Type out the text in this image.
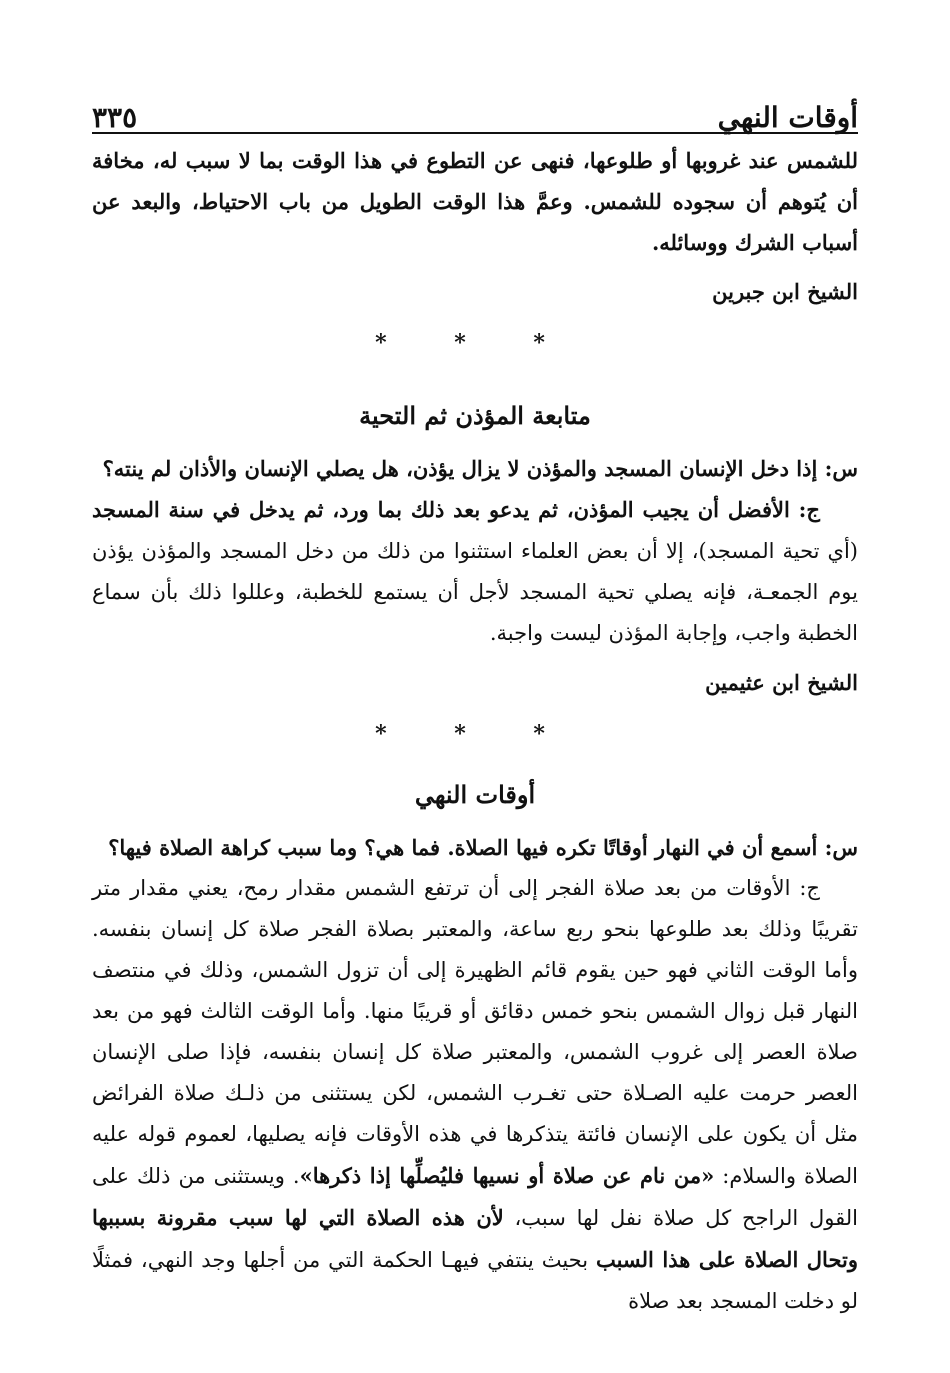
أوقات النهي
٣٣٥

للشمس عند غروبها أو طلوعها، فنهى عن التطوع في هذا الوقت بما لا سبب له، مخافة أن يُتوهم أن سجوده للشمس. وعمَّ هذا الوقت الطويل من باب الاحتياط، والبعد عن أسباب الشرك ووسائله.

الشيخ ابن جبرين
* * *
متابعة المؤذن ثم التحية

س: إذا دخل الإنسان المسجد والمؤذن لا يزال يؤذن، هل يصلي الإنسان والأذان لم ينته؟

ج: الأفضل أن يجيب المؤذن، ثم يدعو بعد ذلك بما ورد، ثم يدخل في سنة المسجد (أي تحية المسجد)، إلا أن بعض العلماء استثنوا من ذلك من دخل المسجد والمؤذن يؤذن يوم الجمعـة، فإنه يصلي تحية المسجد لأجل أن يستمع للخطبة، وعللوا ذلك بأن سماع الخطبة واجب، وإجابة المؤذن ليست واجبة.

الشيخ ابن عثيمين
* * *
أوقات النهي

س: أسمع أن في النهار أوقاتًا تكره فيها الصلاة. فما هي؟ وما سبب كراهة الصلاة فيها؟

ج: الأوقات من بعد صلاة الفجر إلى أن ترتفع الشمس مقدار رمح، يعني مقدار متر تقريبًا وذلك بعد طلوعها بنحو ربع ساعة، والمعتبر بصلاة الفجر صلاة كل إنسان بنفسه. وأما الوقت الثاني فهو حين يقوم قائم الظهيرة إلى أن تزول الشمس، وذلك في منتصف النهار قبل زوال الشمس بنحو خمس دقائق أو قريبًا منها. وأما الوقت الثالث فهو من بعد صلاة العصر إلى غروب الشمس، والمعتبر صلاة كل إنسان بنفسه، فإذا صلى الإنسان العصر حرمت عليه الصـلاة حتى تغـرب الشمس، لكن يستثنى من ذلـك صلاة الفرائض مثل أن يكون على الإنسان فائتة يتذكرها في هذه الأوقات فإنه يصليها، لعموم قوله عليه الصلاة والسلام: «من نام عن صلاة أو نسيها فليُصلِّها إذا ذكرها». ويستثنى من ذلك على القول الراجح كل صلاة نفل لها سبب، لأن هذه الصلاة التي لها سبب مقرونة بسببها وتحال الصلاة على هذا السبب بحيث ينتفي فيهـا الحكمة التي من أجلها وجد النهي، فمثلًا لو دخلت المسجد بعد صلاة
